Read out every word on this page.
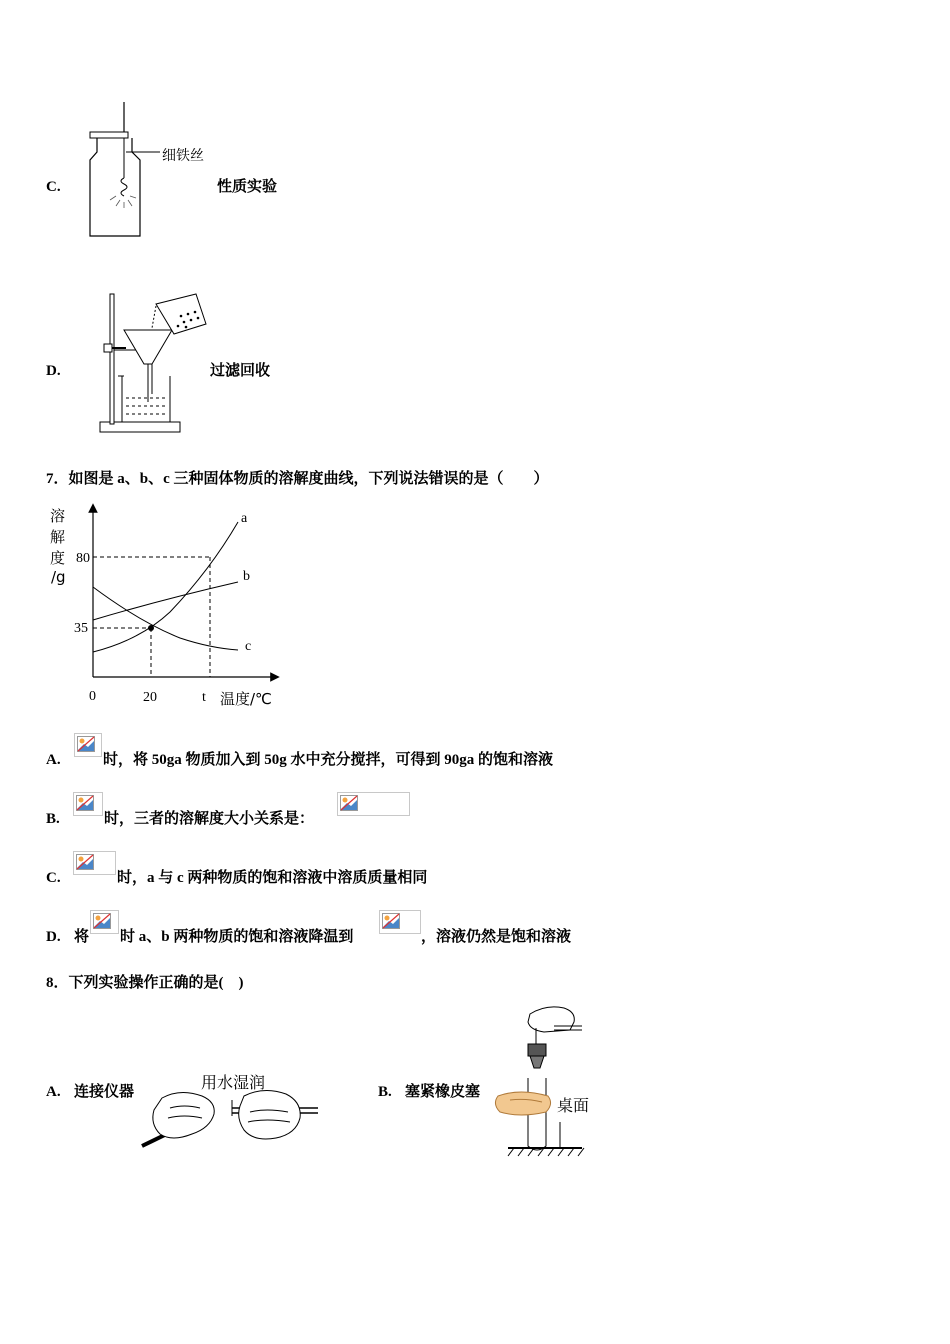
细铁丝
C.	性质实验
D.	过滤回收
7．如图是 a、b、c 三种固体物质的溶解度曲线，下列说法错误的是（　　）
溶
解
度
/g
a
b
c
80
35
0	20	t 温度/℃
A.	时，将 50ga 物质加入到 50g 水中充分搅拌，可得到 90ga 的饱和溶液
B.	时，三者的溶解度大小关系是：
C.	时，a 与 c 两种物质的饱和溶液中溶质质量相同
D. 将 时 a、b 两种物质的饱和溶液降温到	，溶液仍然是饱和溶液
8．下列实验操作正确的是(　)
A. 连接仪器	用水湿润	B. 塞紧橡皮塞
桌面
